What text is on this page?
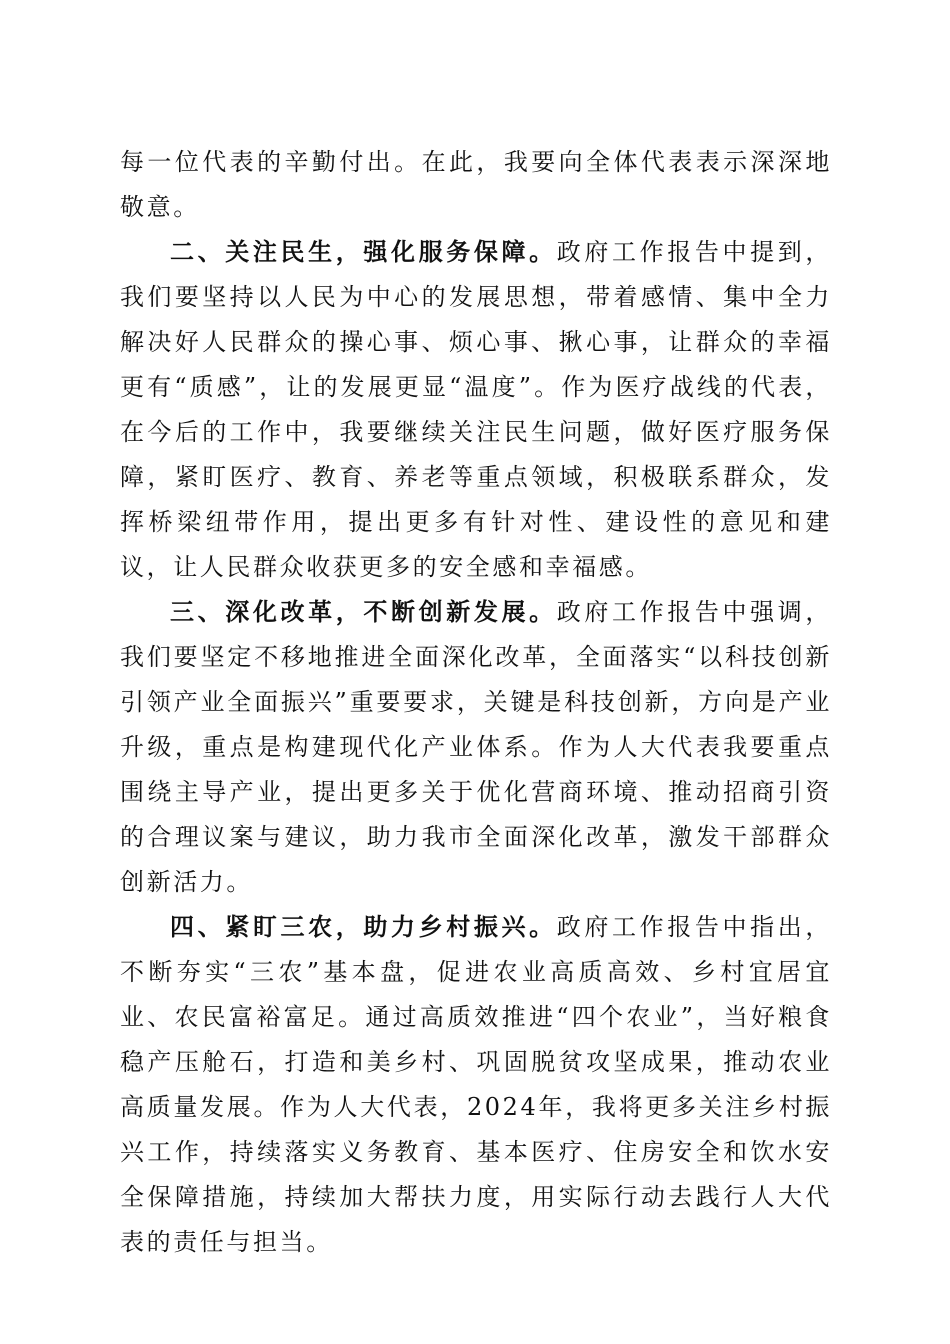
每一位代表的辛勤付出。在此，我要向全体代表表示深深地敬意。

二、关注民生，强化服务保障。政府工作报告中提到，我们要坚持以人民为中心的发展思想，带着感情、集中全力解决好人民群众的操心事、烦心事、揪心事，让群众的幸福更有“质感”，让的发展更显“温度”。作为医疗战线的代表，在今后的工作中，我要继续关注民生问题，做好医疗服务保障，紧盯医疗、教育、养老等重点领域，积极联系群众，发挥桥梁纽带作用，提出更多有针对性、建设性的意见和建议，让人民群众收获更多的安全感和幸福感。

三、深化改革，不断创新发展。政府工作报告中强调，我们要坚定不移地推进全面深化改革，全面落实“以科技创新引领产业全面振兴”重要要求，关键是科技创新，方向是产业升级，重点是构建现代化产业体系。作为人大代表我要重点围绕主导产业，提出更多关于优化营商环境、推动招商引资的合理议案与建议，助力我市全面深化改革，激发干部群众创新活力。

四、紧盯三农，助力乡村振兴。政府工作报告中指出，不断夯实“三农”基本盘，促进农业高质高效、乡村宜居宜业、农民富裕富足。通过高质效推进“四个农业”，当好粮食稳产压舱石，打造和美乡村、巩固脱贫攻坚成果，推动农业高质量发展。作为人大代表，2024年，我将更多关注乡村振兴工作，持续落实义务教育、基本医疗、住房安全和饮水安全保障措施，持续加大帮扶力度，用实际行动去践行人大代表的责任与担当。
